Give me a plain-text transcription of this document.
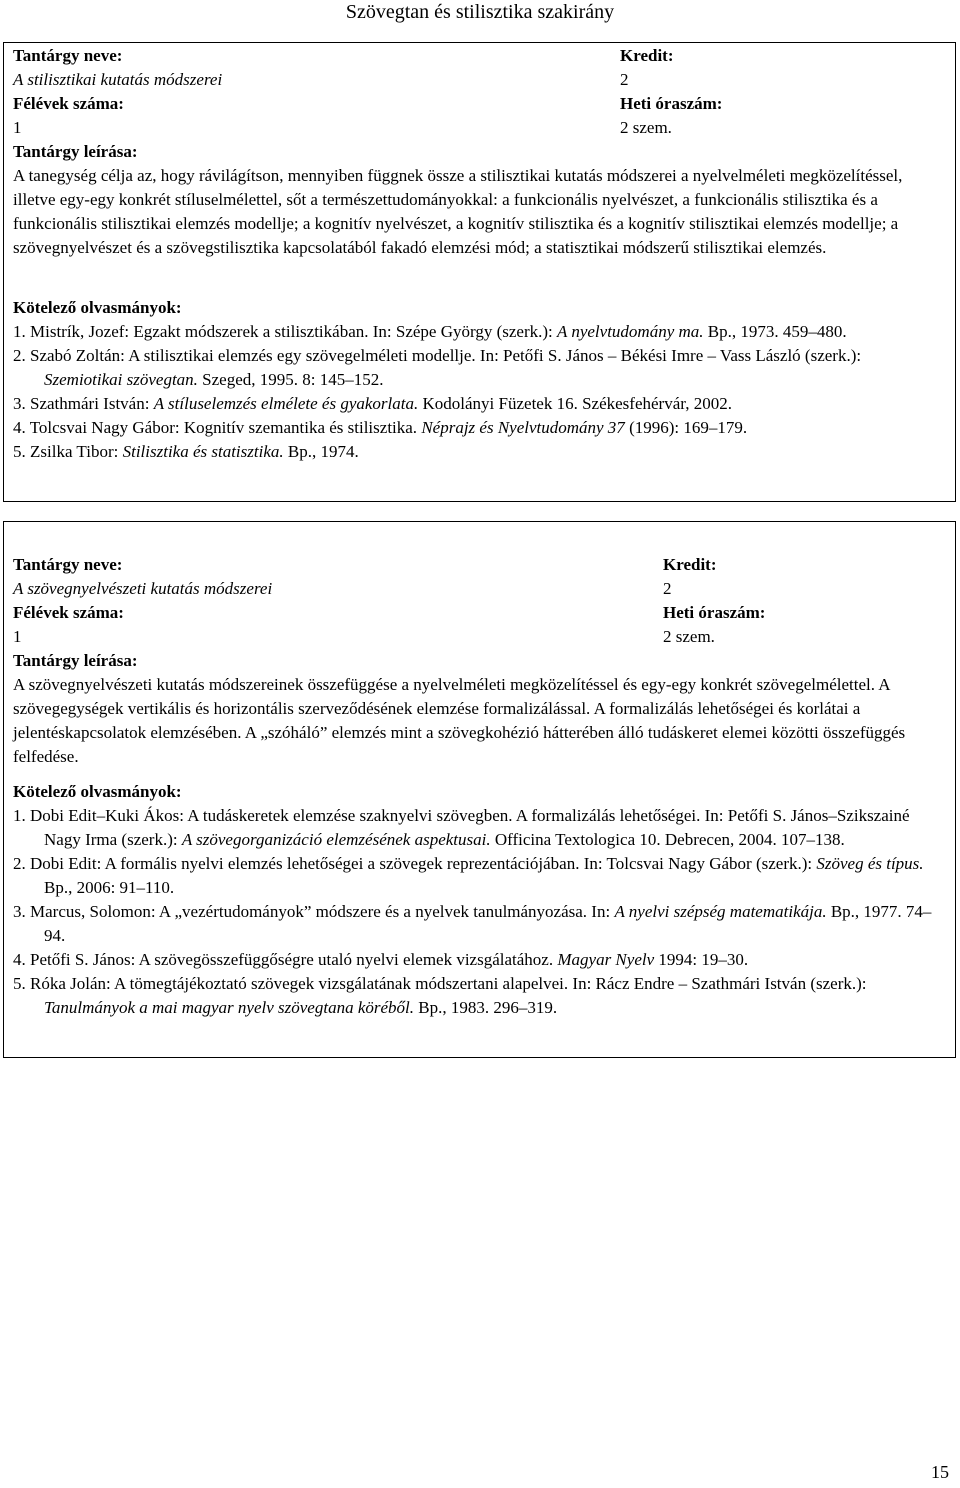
Szövegtan és stilisztika szakirány
Tantárgy neve:
A stilisztikai kutatás módszerei
Félévek száma:
1
Kredit:
2
Heti óraszám:
2 szem.
Tantárgy leírása:
A tanegység célja az, hogy rávilágítson, mennyiben függnek össze a stilisztikai kutatás módszerei a nyelvelméleti megközelítéssel, illetve egy-egy konkrét stíluselmélettel, sőt a természettudományokkal: a funkcionális nyelvészet, a funkcionális stilisztika és a funkcionális stilisztikai elemzés modellje; a kognitív nyelvészet, a kognitív stilisztika és a kognitív stilisztikai elemzés modellje; a szövegnyelvészet és a szövegstilisztika kapcsolatából fakadó elemzési mód; a statisztikai módszerű stilisztikai elemzés.
Kötelező olvasmányok:
1. Mistrík, Jozef: Egzakt módszerek a stilisztikában. In: Szépe György (szerk.): A nyelvtudomány ma. Bp., 1973. 459–480.
2. Szabó Zoltán: A stilisztikai elemzés egy szövegelméleti modellje. In: Petőfi S. János – Békési Imre – Vass László (szerk.): Szemiotikai szövegtan. Szeged, 1995. 8: 145–152.
3. Szathmári István: A stíluselemzés elmélete és gyakorlata. Kodolányi Füzetek 16. Székesfehérvár, 2002.
4. Tolcsvai Nagy Gábor: Kognitív szemantika és stilisztika. Néprajz és Nyelvtudomány 37 (1996): 169–179.
5. Zsilka Tibor: Stilisztika és statisztika. Bp., 1974.
Tantárgy neve:
A szövegnyelvészeti kutatás módszerei
Félévek száma:
1
Kredit:
2
Heti óraszám:
2 szem.
Tantárgy leírása:
A szövegnyelvészeti kutatás módszereinek összefüggése a nyelvelméleti megközelítéssel és egy-egy konkrét szövegelmélettel. A szövegegységek vertikális és horizontális szerveződésének elemzése formalizálással. A formalizálás lehetőségei és korlátai a jelentéskapcsolatok elemzésében. A „szóháló” elemzés mint a szövegkohézió hátterében álló tudáskeret elemei közötti összefüggés felfedése.
Kötelező olvasmányok:
1. Dobi Edit–Kuki Ákos: A tudáskeretek elemzése szaknyelvi szövegben. A formalizálás lehetőségei. In: Petőfi S. János–Szikszainé Nagy Irma (szerk.): A szövegorganizáció elemzésének aspektusai. Officina Textologica 10. Debrecen, 2004. 107–138.
2. Dobi Edit: A formális nyelvi elemzés lehetőségei a szövegek reprezentációjában. In: Tolcsvai Nagy Gábor (szerk.): Szöveg és típus. Bp., 2006: 91–110.
3. Marcus, Solomon: A „vezértudományok” módszere és a nyelvek tanulmányozása. In: A nyelvi szépség matematikája. Bp., 1977. 74–94.
4. Petőfi S. János: A szövegösszefüggőségre utaló nyelvi elemek vizsgálatához. Magyar Nyelv 1994: 19–30.
5. Róka Jolán: A tömegtájékoztató szövegek vizsgálatának módszertani alapelvei. In: Rácz Endre – Szathmári István (szerk.): Tanulmányok a mai magyar nyelv szövegtana köréből. Bp., 1983. 296–319.
15
